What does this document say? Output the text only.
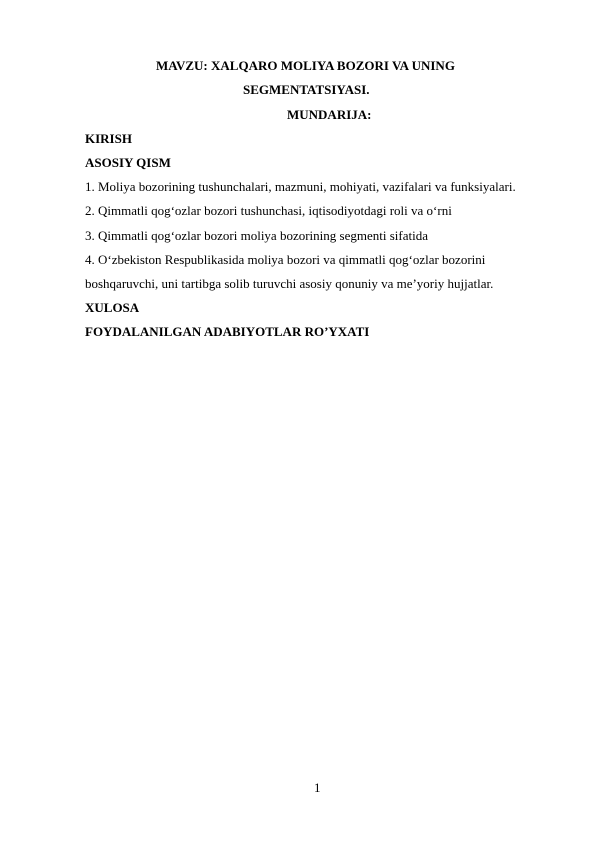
MAVZU: XALQARO MOLIYA BOZORI VA UNING
SEGMENTATSIYASI.
MUNDARIJA:
KIRISH
ASOSIY QISM
1. Moliya bozorining tushunchalari, mazmuni, mohiyati, vazifalari va funksiyalari.
2. Qimmatli qog‘ozlar bozori tushunchasi, iqtisodiyotdagi roli va o‘rni
3. Qimmatli qog‘ozlar bozori moliya bozorining segmenti sifatida
4. O‘zbekiston Respublikasida moliya bozori va qimmatli qog‘ozlar bozorini
boshqaruvchi, uni tartibga solib turuvchi asosiy qonuniy va me’yoriy hujjatlar.
XULOSA
FOYDALANILGAN ADABIYOTLAR RO’YXATI
1
